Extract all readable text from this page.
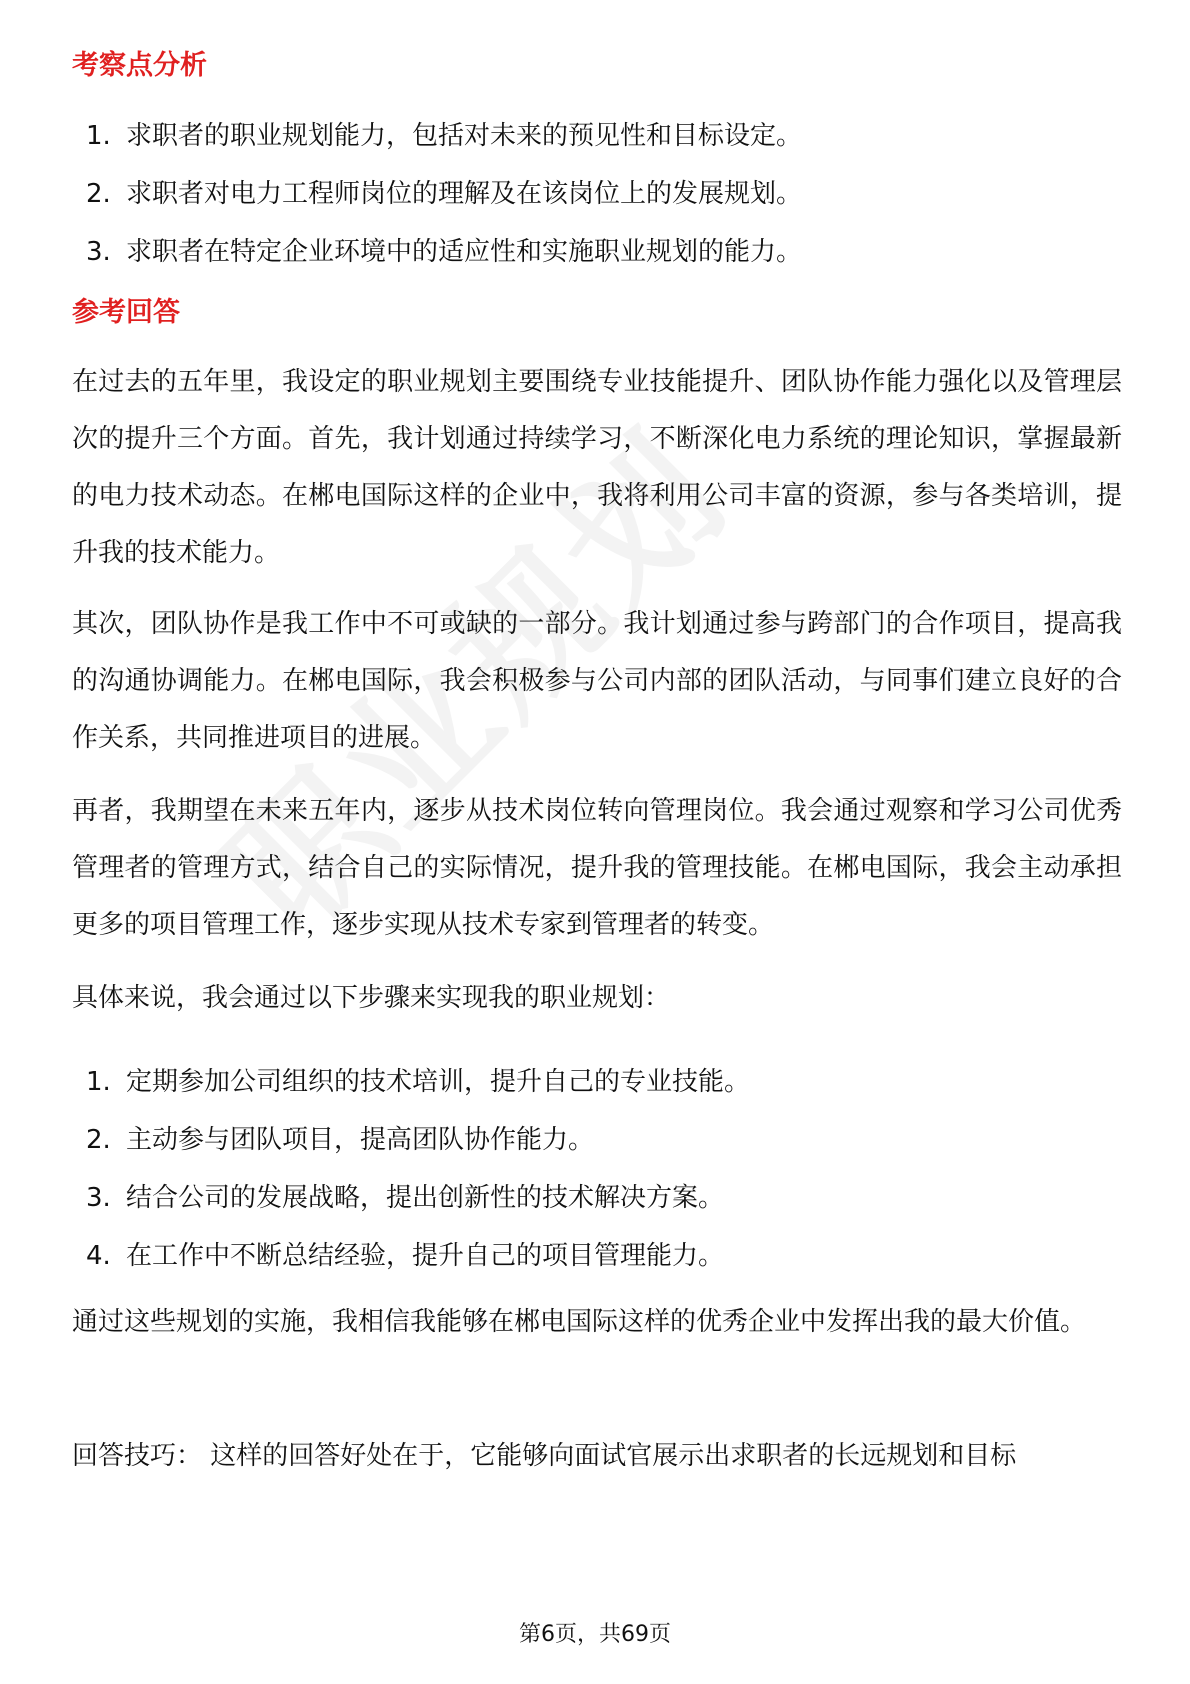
考察点分析
1. 求职者的职业规划能力，包括对未来的预见性和目标设定。
2. 求职者对电力工程师岗位的理解及在该岗位上的发展规划。
3. 求职者在特定企业环境中的适应性和实施职业规划的能力。
参考回答

在过去的五年里，我设定的职业规划主要围绕专业技能提升、团队协作能力强化以及管理层次的提升三个方面。首先，我计划通过持续学习，不断深化电力系统的理论知识，掌握最新的电力技术动态。在郴电国际这样的企业中，我将利用公司丰富的资源，参与各类培训，提升我的技术能力。

其次，团队协作是我工作中不可或缺的一部分。我计划通过参与跨部门的合作项目，提高我的沟通协调能力。在郴电国际，我会积极参与公司内部的团队活动，与同事们建立良好的合作关系，共同推进项目的进展。

再者，我期望在未来五年内，逐步从技术岗位转向管理岗位。我会通过观察和学习公司优秀管理者的管理方式，结合自己的实际情况，提升我的管理技能。在郴电国际，我会主动承担更多的项目管理工作，逐步实现从技术专家到管理者的转变。

具体来说，我会通过以下步骤来实现我的职业规划：

1. 定期参加公司组织的技术培训，提升自己的专业技能。
2. 主动参与团队项目，提高团队协作能力。
3. 结合公司的发展战略，提出创新性的技术解决方案。
4. 在工作中不断总结经验，提升自己的项目管理能力。

通过这些规划的实施，我相信我能够在郴电国际这样的优秀企业中发挥出我的最大价值。

回答技巧： 这样的回答好处在于，它能够向面试官展示出求职者的长远规划和目标

第6页，共69页
